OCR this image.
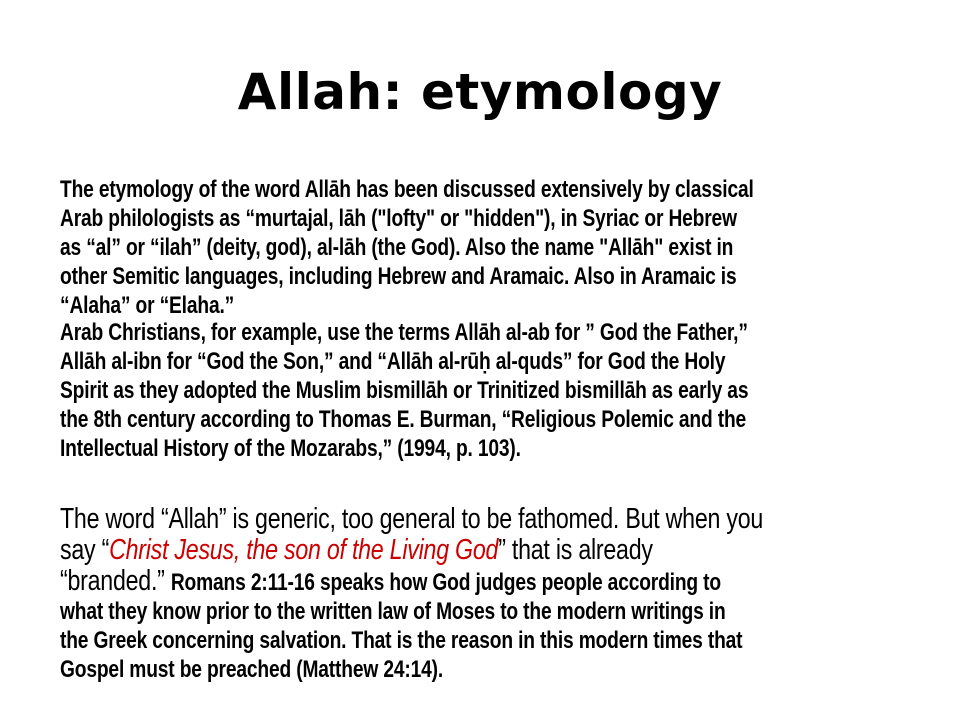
Allah: etymology

The etymology of the word Allāh has been discussed extensively by classical
Arab philologists as “murtajal, lāh ("lofty" or "hidden"), in Syriac or Hebrew
as “al” or “ilah” (deity, god), al-lāh (the God). Also the name "Allāh" exist in
other Semitic languages, including Hebrew and Aramaic. Also in Aramaic is
“Alaha” or “Elaha.”

Arab Christians, for example, use the terms Allāh al-ab for ” God the Father,”
Allāh al-ibn for “God the Son,” and “Allāh al-rūḥ al-quds” for God the Holy
Spirit as they adopted the Muslim bismillāh or Trinitized bismillāh as early as
the 8th century according to Thomas E. Burman, “Religious Polemic and the
Intellectual History of the Mozarabs,” (1994, p. 103).

The word “Allah” is generic, too general to be fathomed. But when you
say “Christ Jesus, the son of the Living God” that is already
“branded.” Romans 2:11-16 speaks how God judges people according to
what they know prior to the written law of Moses to the modern writings in
the Greek concerning salvation. That is the reason in this modern times that
Gospel must be preached (Matthew 24:14).
